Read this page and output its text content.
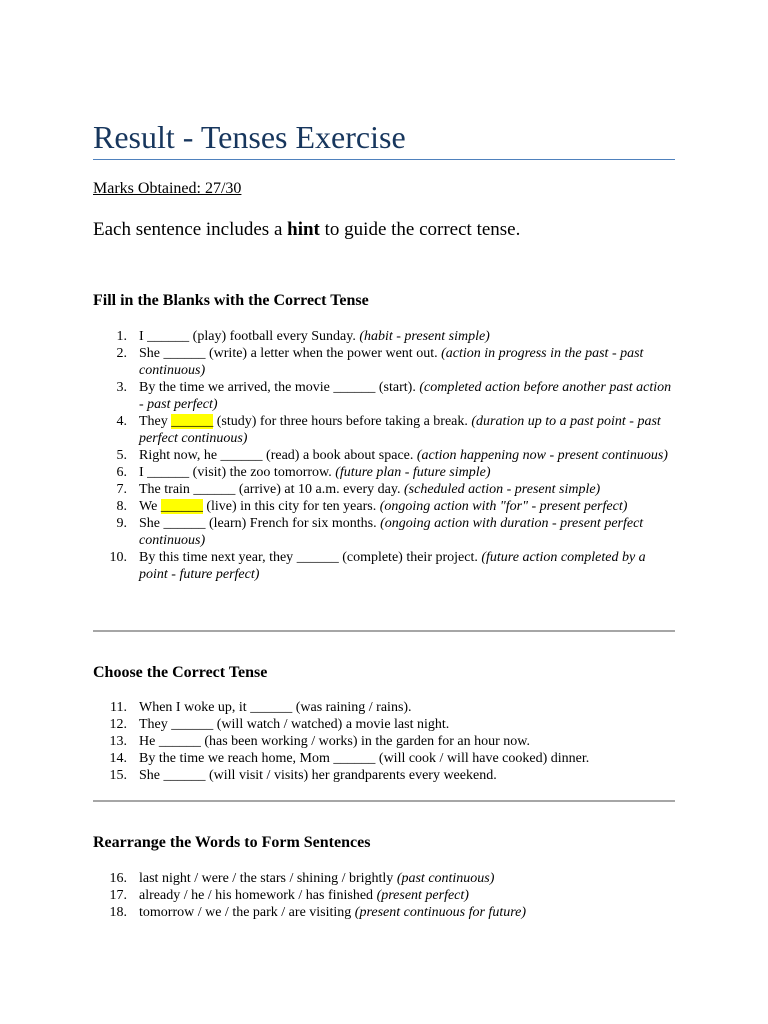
Result - Tenses Exercise
Marks Obtained: 27/30
Each sentence includes a hint to guide the correct tense.
Fill in the Blanks with the Correct Tense
1. I ______ (play) football every Sunday. (habit - present simple)
2. She ______ (write) a letter when the power went out. (action in progress in the past - past continuous)
3. By the time we arrived, the movie ______ (start). (completed action before another past action - past perfect)
4. They ______ (study) for three hours before taking a break. (duration up to a past point - past perfect continuous)
5. Right now, he ______ (read) a book about space. (action happening now - present continuous)
6. I ______ (visit) the zoo tomorrow. (future plan - future simple)
7. The train ______ (arrive) at 10 a.m. every day. (scheduled action - present simple)
8. We ______ (live) in this city for ten years. (ongoing action with "for" - present perfect)
9. She ______ (learn) French for six months. (ongoing action with duration - present perfect continuous)
10. By this time next year, they ______ (complete) their project. (future action completed by a point - future perfect)
Choose the Correct Tense
11. When I woke up, it ______ (was raining / rains).
12. They ______ (will watch / watched) a movie last night.
13. He ______ (has been working / works) in the garden for an hour now.
14. By the time we reach home, Mom ______ (will cook / will have cooked) dinner.
15. She ______ (will visit / visits) her grandparents every weekend.
Rearrange the Words to Form Sentences
16. last night / were / the stars / shining / brightly (past continuous)
17. already / he / his homework / has finished (present perfect)
18. tomorrow / we / the park / are visiting (present continuous for future)
